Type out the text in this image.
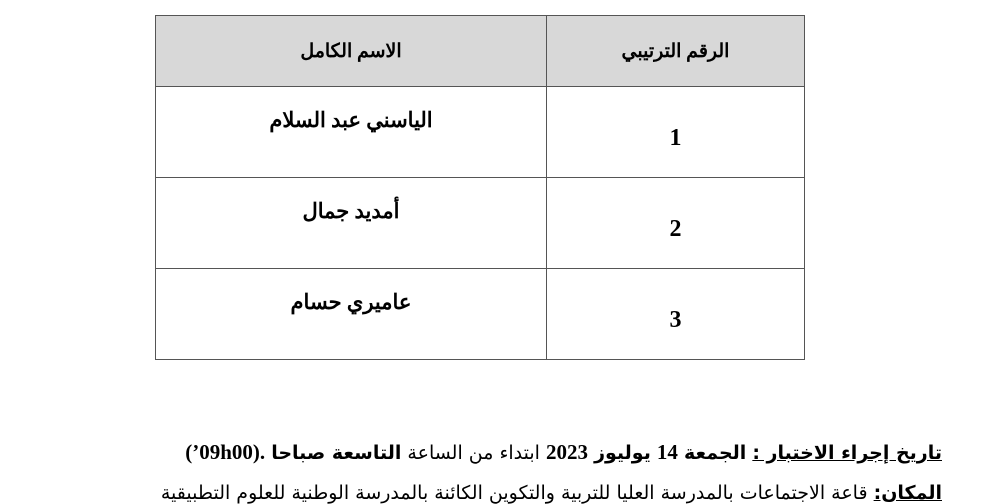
الاسم الكامل	الرقم الترتيبي
الياسني عبد السلام	1
أمديد جمال	2
عاميري حسام	3
تاريخ إجراء الاختبار : الجمعة 14 يوليوز 2023 ابتداء من الساعة التاسعة صباحا (’09h00).
المكان: قاعة الاجتماعات بالمدرسة العليا للتربية والتكوين الكائنة بالمدرسة الوطنية للعلوم التطبيقية
